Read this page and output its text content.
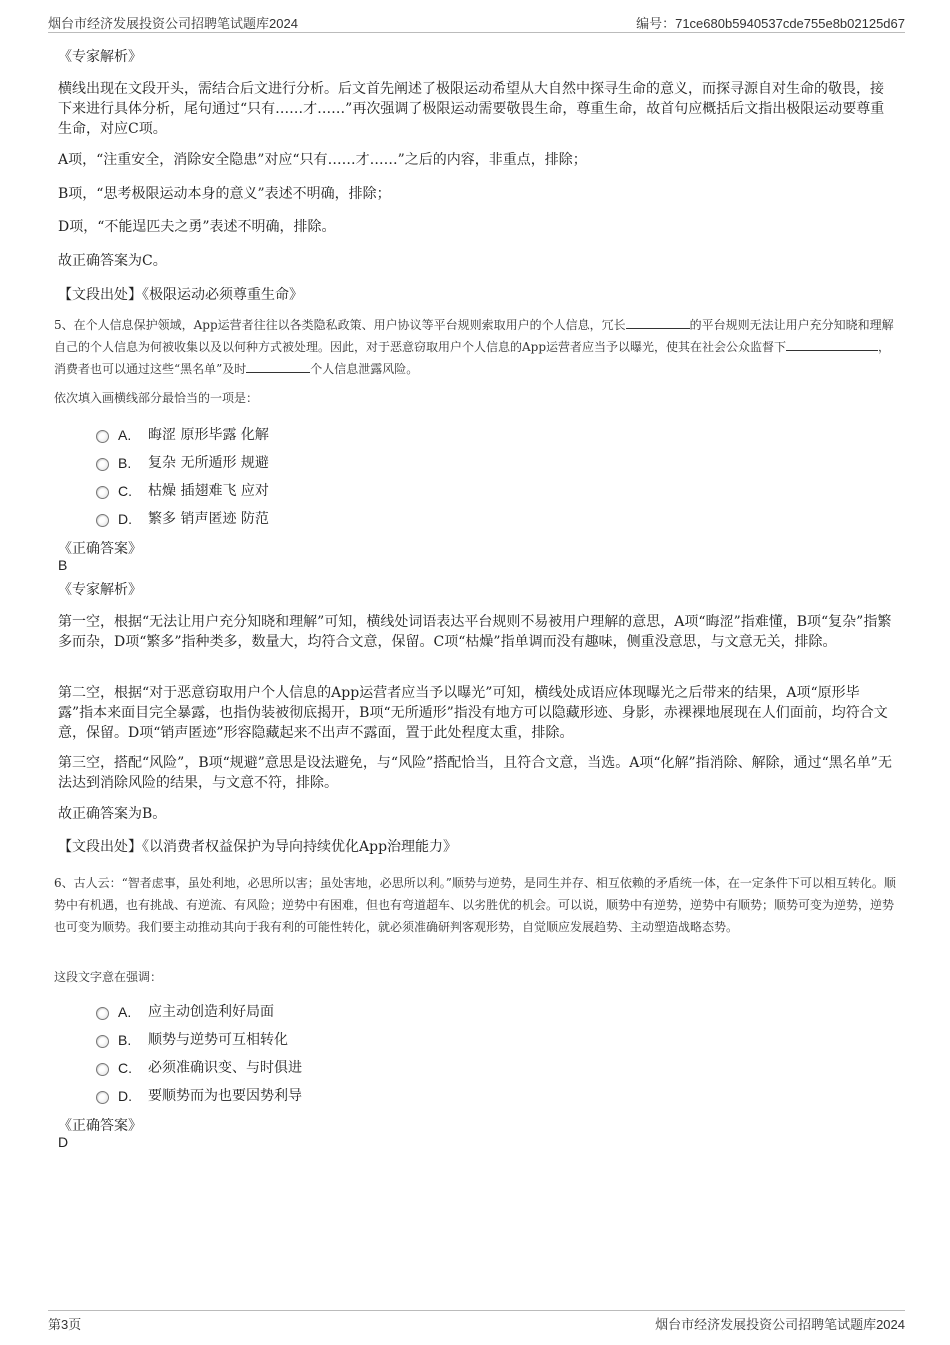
烟台市经济发展投资公司招聘笔试题库2024	编号：71ce680b5940537cde755e8b02125d67

《专家解析》

横线出现在文段开头，需结合后文进行分析。后文首先阐述了极限运动希望从大自然中探寻生命的意义，而探寻源自对生命的敬畏，接下来进行具体分析，尾句通过“只有……才……”再次强调了极限运动需要敬畏生命，尊重生命，故首句应概括后文指出极限运动要尊重生命，对应C项。

A项，“注重安全，消除安全隐患”对应“只有……才……”之后的内容，非重点，排除；

B项，“思考极限运动本身的意义”表述不明确，排除；

D项，“不能逞匹夫之勇”表述不明确，排除。

故正确答案为C。

【文段出处】《极限运动必须尊重生命》

5、在个人信息保护领域，App运营者往往以各类隐私政策、用户协议等平台规则索取用户的个人信息，冗长	的平台规则无法让用户充分知晓和理解自己的个人信息为何被收集以及以何种方式被处理。因此，对于恶意窃取用户个人信息的App运营者应当予以曝光，使其在社会公众监督下	，消费者也可以通过这些“黑名单”及时	个人信息泄露风险。

依次填入画横线部分最恰当的一项是：

A. 晦涩 原形毕露 化解
B. 复杂 无所遁形 规避
C. 枯燥 插翅难飞 应对
D. 繁多 销声匿迹 防范

《正确答案》

B

《专家解析》

第一空，根据“无法让用户充分知晓和理解”可知，横线处词语表达平台规则不易被用户理解的意思，A项“晦涩”指难懂，B项“复杂”指繁多而杂，D项“繁多”指种类多，数量大，均符合文意，保留。C项“枯燥”指单调而没有趣味，侧重没意思，与文意无关，排除。

第二空，根据“对于恶意窃取用户个人信息的App运营者应当予以曝光”可知，横线处成语应体现曝光之后带来的结果，A项“原形毕露”指本来面目完全暴露，也指伪装被彻底揭开，B项“无所遁形”指没有地方可以隐藏形迹、身影，赤裸裸地展现在人们面前，均符合文意，保留。D项“销声匿迹”形容隐藏起来不出声不露面，置于此处程度太重，排除。

第三空，搭配“风险”，B项“规避”意思是设法避免，与“风险”搭配恰当，且符合文意，当选。A项“化解”指消除、解除，通过“黑名单”无法达到消除风险的结果，与文意不符，排除。

故正确答案为B。

【文段出处】《以消费者权益保护为导向持续优化App治理能力》

6、古人云：“智者虑事，虽处利地，必思所以害；虽处害地，必思所以利。”顺势与逆势，是同生并存、相互依赖的矛盾统一体，在一定条件下可以相互转化。顺势中有机遇，也有挑战、有逆流、有风险；逆势中有困难，但也有弯道超车、以劣胜优的机会。可以说，顺势中有逆势，逆势中有顺势；顺势可变为逆势，逆势也可变为顺势。我们要主动推动其向于我有利的可能性转化，就必须准确研判客观形势，自觉顺应发展趋势、主动塑造战略态势。

这段文字意在强调：

A. 应主动创造利好局面
B. 顺势与逆势可互相转化
C. 必须准确识变、与时俱进
D. 要顺势而为也要因势利导

《正确答案》

D
第3页	烟台市经济发展投资公司招聘笔试题库2024
